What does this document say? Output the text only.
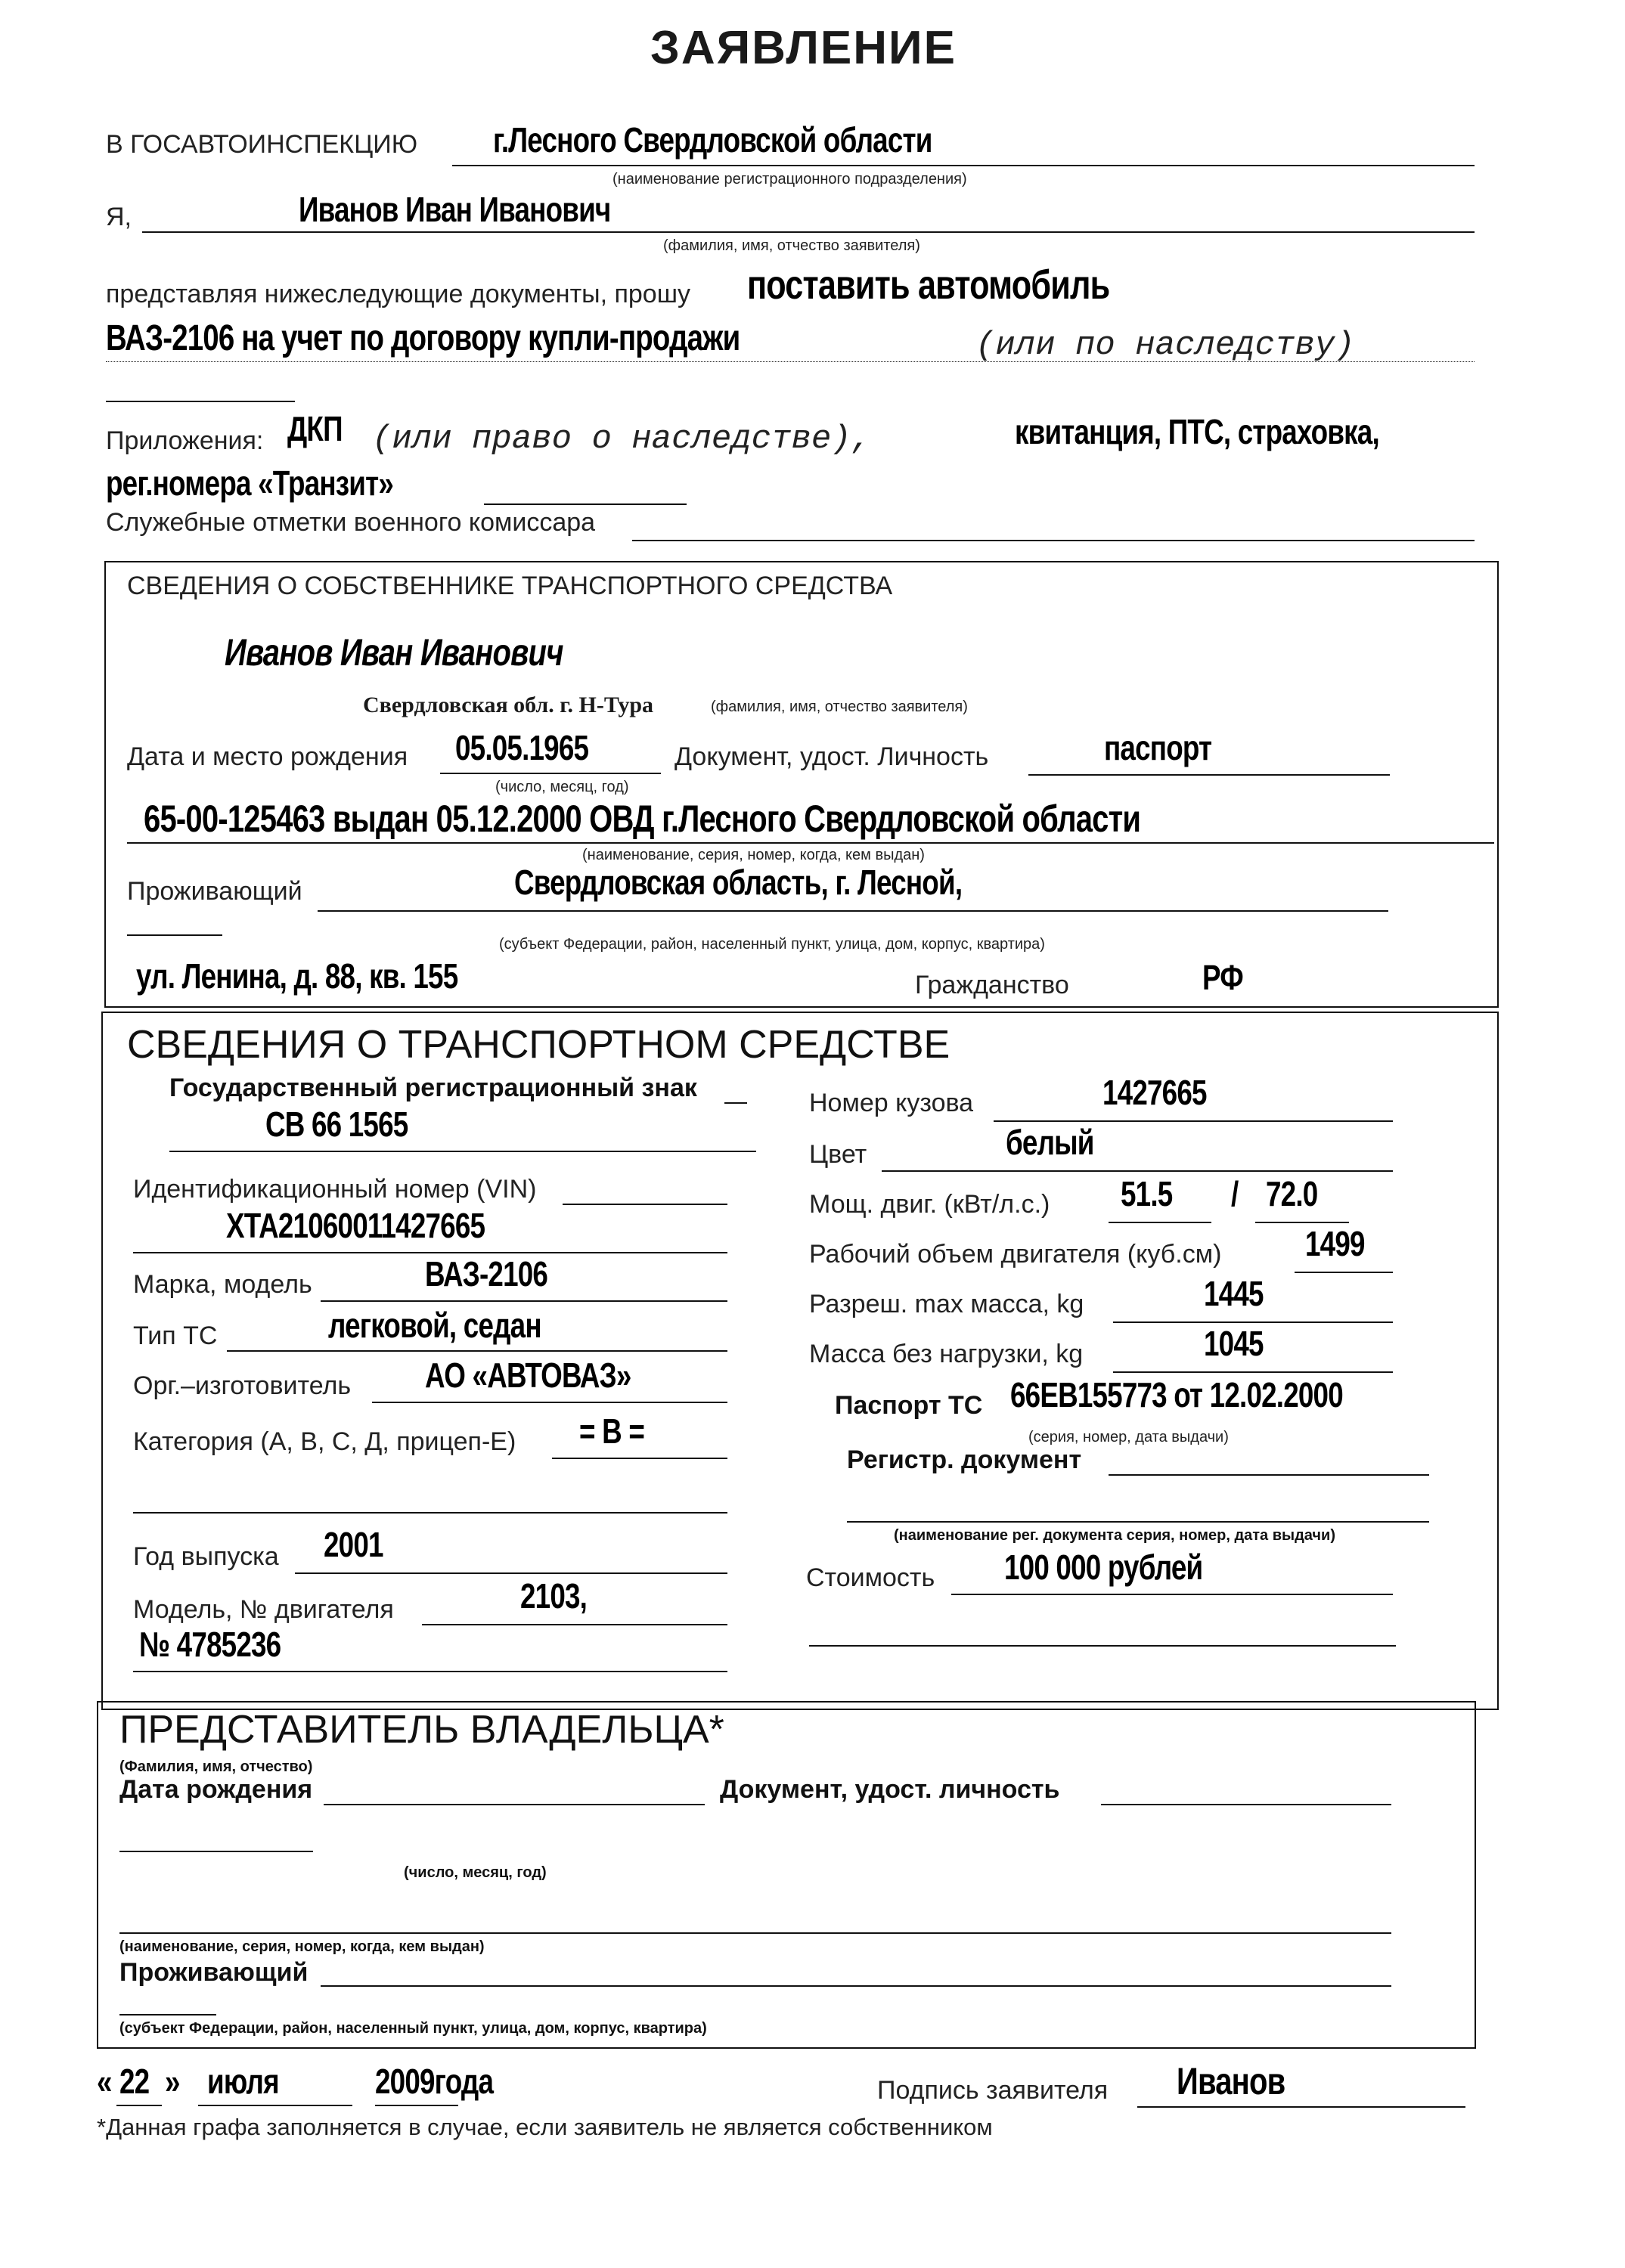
ЗАЯВЛЕНИЕ
В ГОСАВТОИНСПЕКЦИЮ г.Лесного Свердловской области
(наименование регистрационного подразделения)
Я,	Иванов Иван Иванович
(фамилия, имя, отчество заявителя)
представляя нижеследующие документы, прошу поставить автомобиль
ВАЗ-2106 на учет по договору купли-продажи	(или по наследству)
Приложения: ДКП (или право о наследстве),	квитанция, ПТС, страховка,
рег.номера «Транзит»
Служебные отметки военного комиссара
СВЕДЕНИЯ О СОБСТВЕННИКЕ ТРАНСПОРТНОГО СРЕДСТВА
Иванов Иван Иванович
Свердловская обл. г. Н-Тура	(фамилия, имя, отчество заявителя)
Дата и место рождения 05.05.1965
(число, месяц, год)
Документ, удост. Личность	паспорт
65-00-125463 выдан 05.12.2000 ОВД г.Лесного Свердловской области
(наименование, серия, номер, когда, кем выдан)
Проживающий	Свердловская область, г. Лесной,
(субъект Федерации, район, населенный пункт, улица, дом, корпус, квартира)
ул. Ленина, д. 88, кв. 155	Гражданство	РФ
СВЕДЕНИЯ О ТРАНСПОРТНОМ СРЕДСТВЕ
Государственный регистрационный знак
СВ 66 1565
Идентификационный номер (VIN)
ХТА21060011427665
Марка, модель	ВАЗ-2106
Тип ТС	легковой, седан
Орг.–изготовитель АО «АВТОВАЗ»
Категория (А, В, С, Д, прицеп-Е) = В =
Год выпуска 2001
Модель, № двигателя	2103,
№ 4785236
Номер кузова	1427665
Цвет	белый
Мощ. двиг. (кВт/л.с.) 51.5 / 72.0
Рабочий объем двигателя (куб.см) 1499
Разреш. max масса, kg	1445
Масса без нагрузки, kg	1045
Паспорт ТС 66ЕВ155773 от 12.02.2000
(серия, номер, дата выдачи)
Регистр. документ
(наименование рег. документа серия, номер, дата выдачи)
Стоимость 100 000 рублей
ПРЕДСТАВИТЕЛЬ ВЛАДЕЛЬЦА*
(Фамилия, имя, отчество)
Дата рождения	Документ, удост. личность
(число, месяц, год)
(наименование, серия, номер, когда, кем выдан)
Проживающий
(субъект Федерации, район, населенный пункт, улица, дом, корпус, квартира)
« 22 » июля	2009года	Подпись заявителя Иванов
*Данная графа заполняется в случае, если заявитель не является собственником
